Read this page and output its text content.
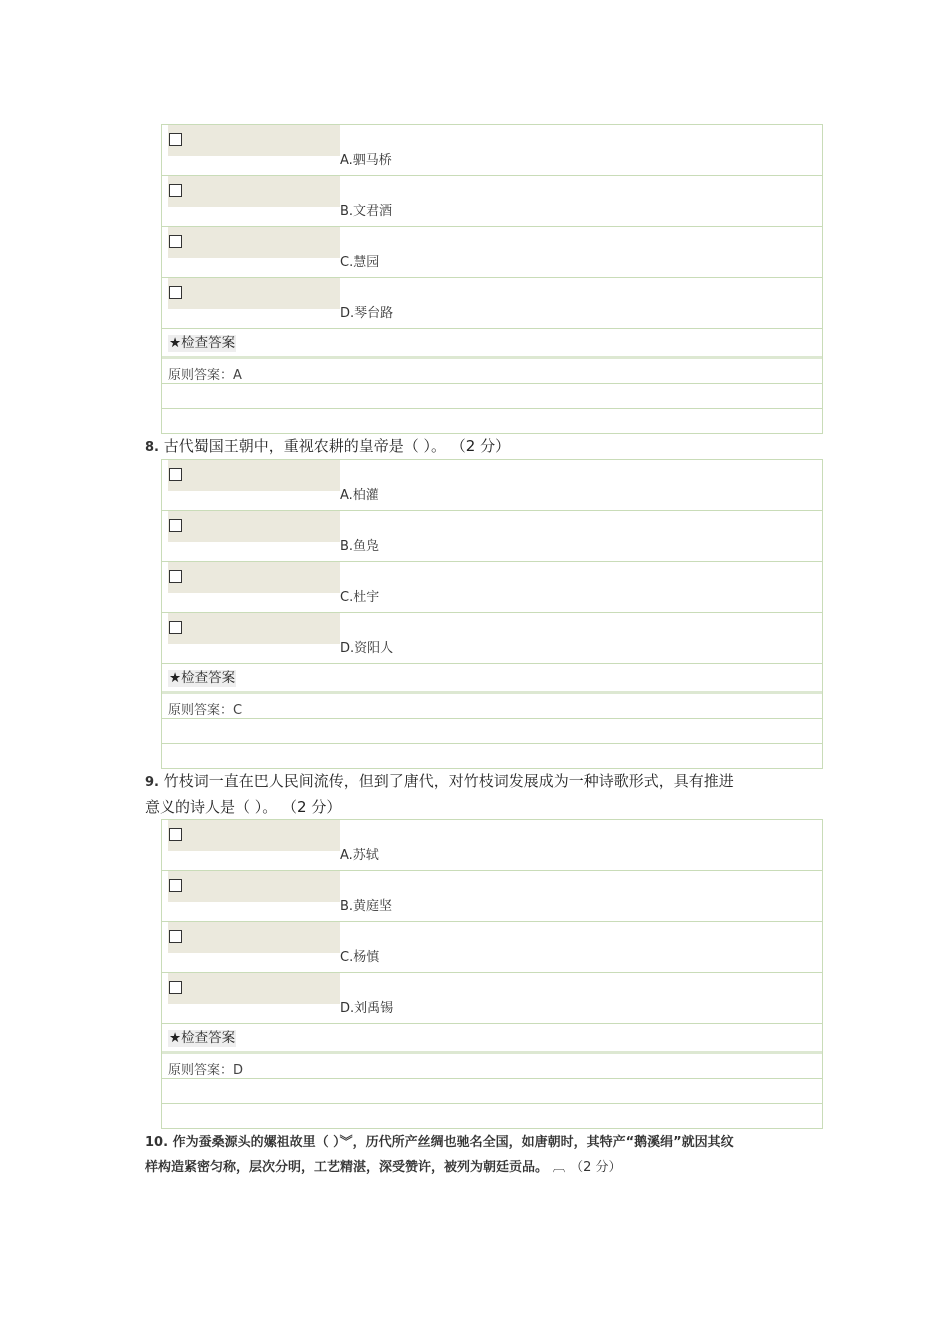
A.驷马桥
B.文君酒
C.慧园
D.琴台路
★检查答案
原则答案：A
8. 古代蜀国王朝中，重视农耕的皇帝是（ ）。 （2 分）
A.柏灌
B.鱼凫
C.杜宇
D.资阳人
★检查答案
原则答案：C
9. 竹枝词一直在巴人民间流传，但到了唐代，对竹枝词发展成为一种诗歌形式，具有推进
意义的诗人是（ ）。 （2 分）
A.苏轼
B.黄庭坚
C.杨慎
D.刘禹锡
★检查答案
原则答案：D
10. 作为蚕桑源头的嫘祖故里（ ）︾，历代所产丝绸也驰名全国，如唐朝时，其特产“鹅溪绢”就因其纹
样构造紧密匀称，层次分明，工艺精湛，深受赞许，被列为朝廷贡品。 ︹ （2 分）
